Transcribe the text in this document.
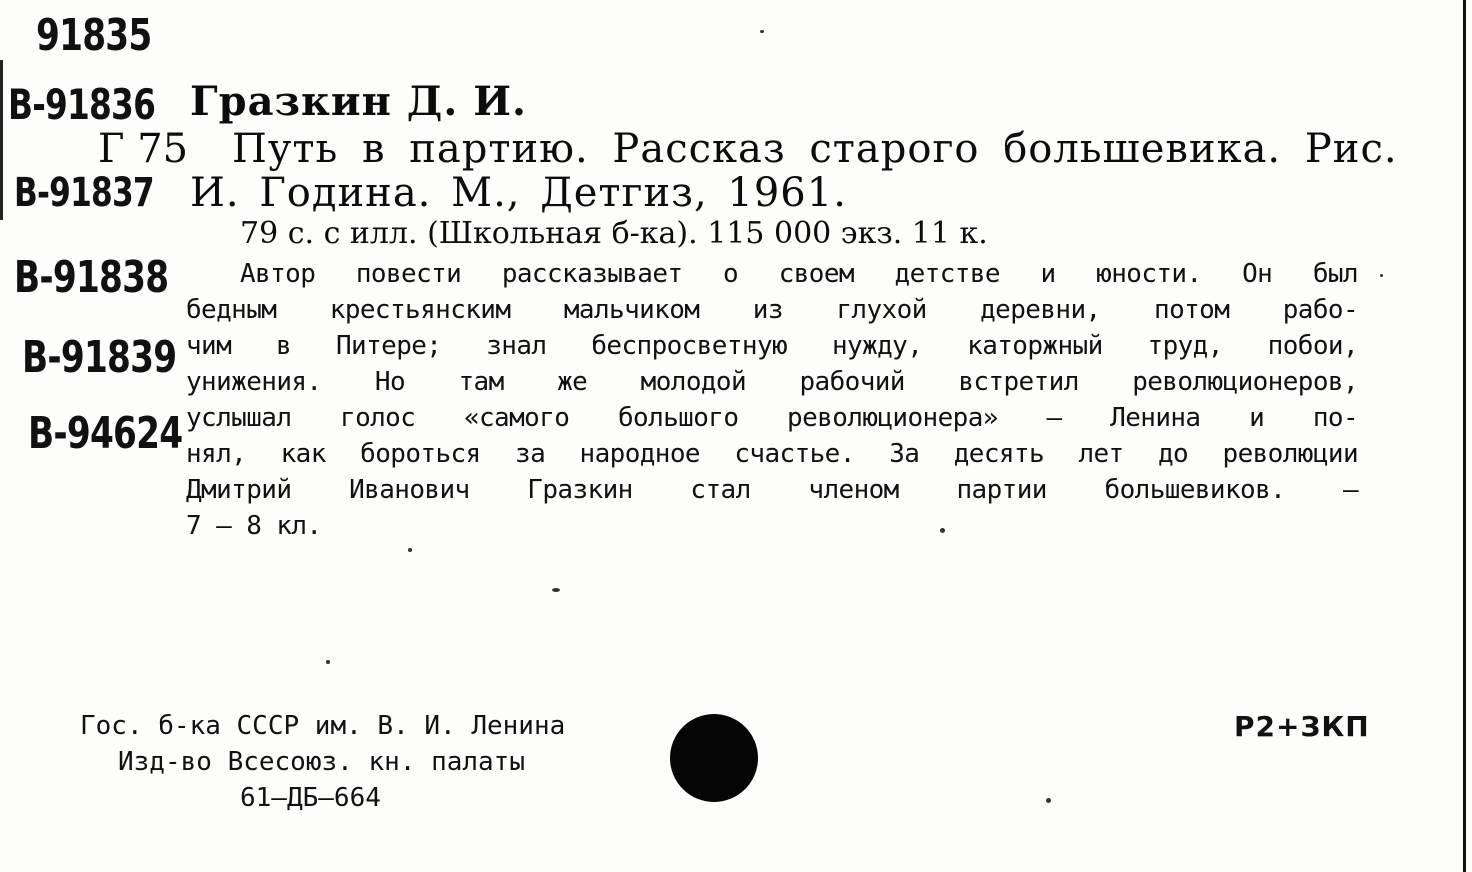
91835
В-91836
В-91837
В-91838
В-91839
В-94624
Гразкин Д. И.
Г 75 Путь в партию. Рассказ старого большевика. Рис.
И. Година. М., Детгиз, 1961.
79 с. с илл. (Школьная б-ка). 115 000 экз. 11 к.
Автор повести рассказывает о своем детстве и юности. Он был
бедным крестьянским мальчиком из глухой деревни, потом рабо-
чим в Питере; знал беспросветную нужду, каторжный труд, побои,
унижения. Но там же молодой рабочий встретил революционеров,
услышал голос «самого большого революционера» — Ленина и по-
нял, как бороться за народное счастье. За десять лет до революции
Дмитрий Иванович Гразкин стал членом партии большевиков. —
7 — 8 кл.
Гос. б-ка СССР им. В. И. Ленина
Изд-во Всесоюз. кн. палаты
61—ДБ—664
Р2+ЗКП
